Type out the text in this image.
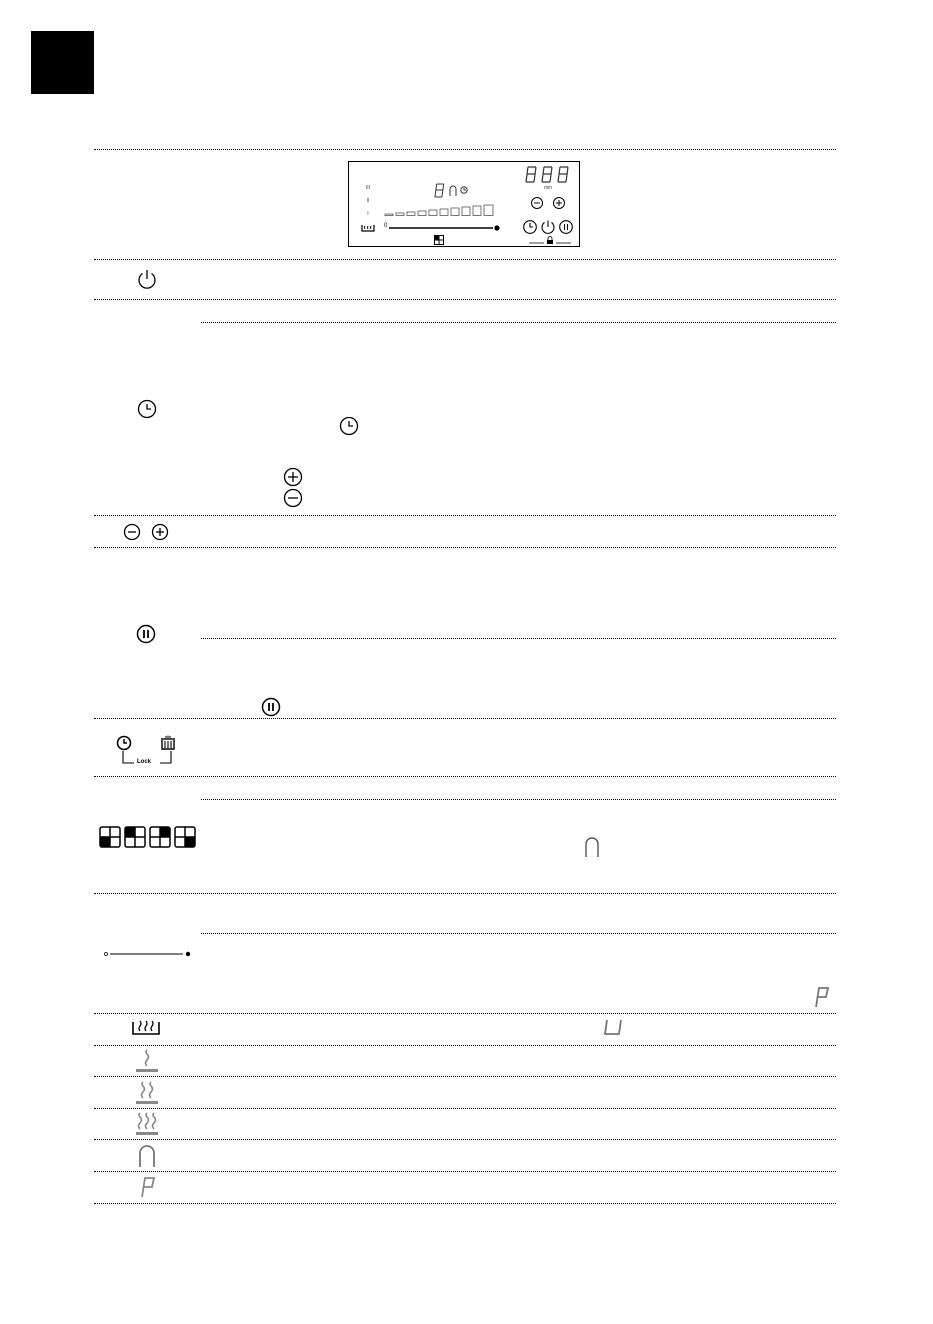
III
II
I
0
min
Lock
